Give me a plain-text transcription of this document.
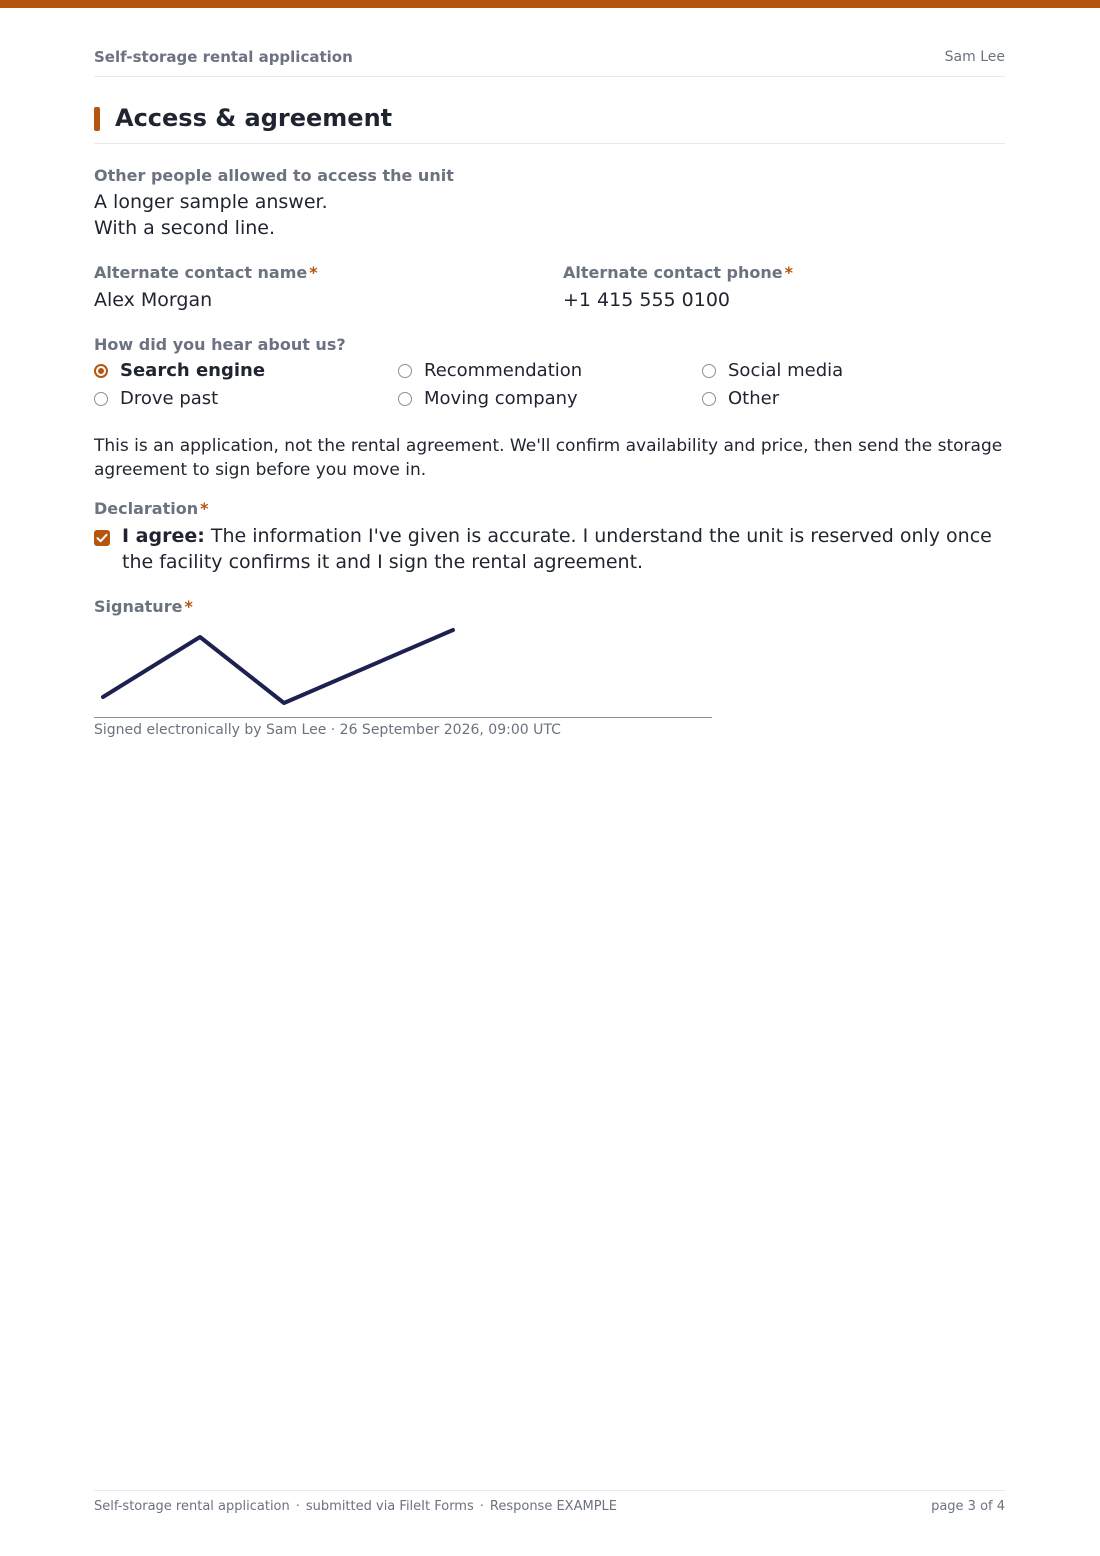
Self-storage rental application	Sam Lee
Access & agreement
Other people allowed to access the unit
A longer sample answer.
With a second line.
Alternate contact name *
Alex Morgan
Alternate contact phone *
+1 415 555 0100
How did you hear about us?
Search engine	Recommendation	Social media
Drove past	Moving company	Other
This is an application, not the rental agreement. We'll confirm availability and price, then send the storage agreement to sign before you move in.
Declaration *
I agree: The information I've given is accurate. I understand the unit is reserved only once the facility confirms it and I sign the rental agreement.
Signature *
Signed electronically by Sam Lee · 26 September 2026, 09:00 UTC
Self-storage rental application · submitted via FileIt Forms · Response EXAMPLE	page 3 of 4
